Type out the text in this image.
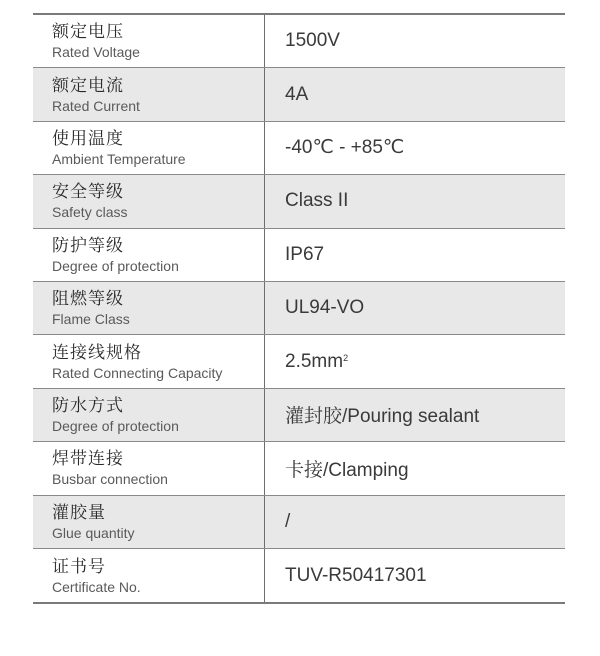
额定电压
Rated Voltage
1500V
额定电流
Rated Current
4A
使用温度
Ambient Temperature
-40℃ - +85℃
安全等级
Safety class
Class II
防护等级
Degree of protection
IP67
阻燃等级
Flame Class
UL94-VO
连接线规格
Rated Connecting Capacity
$2.5mm^2$
防水方式
Degree of protection	灌封胶/Pouring sealant
焊带连接
Busbar connection	卡接/Clamping
灌胶量
Glue quantity
/
证书号
Certificate No.
TUV-R50417301
